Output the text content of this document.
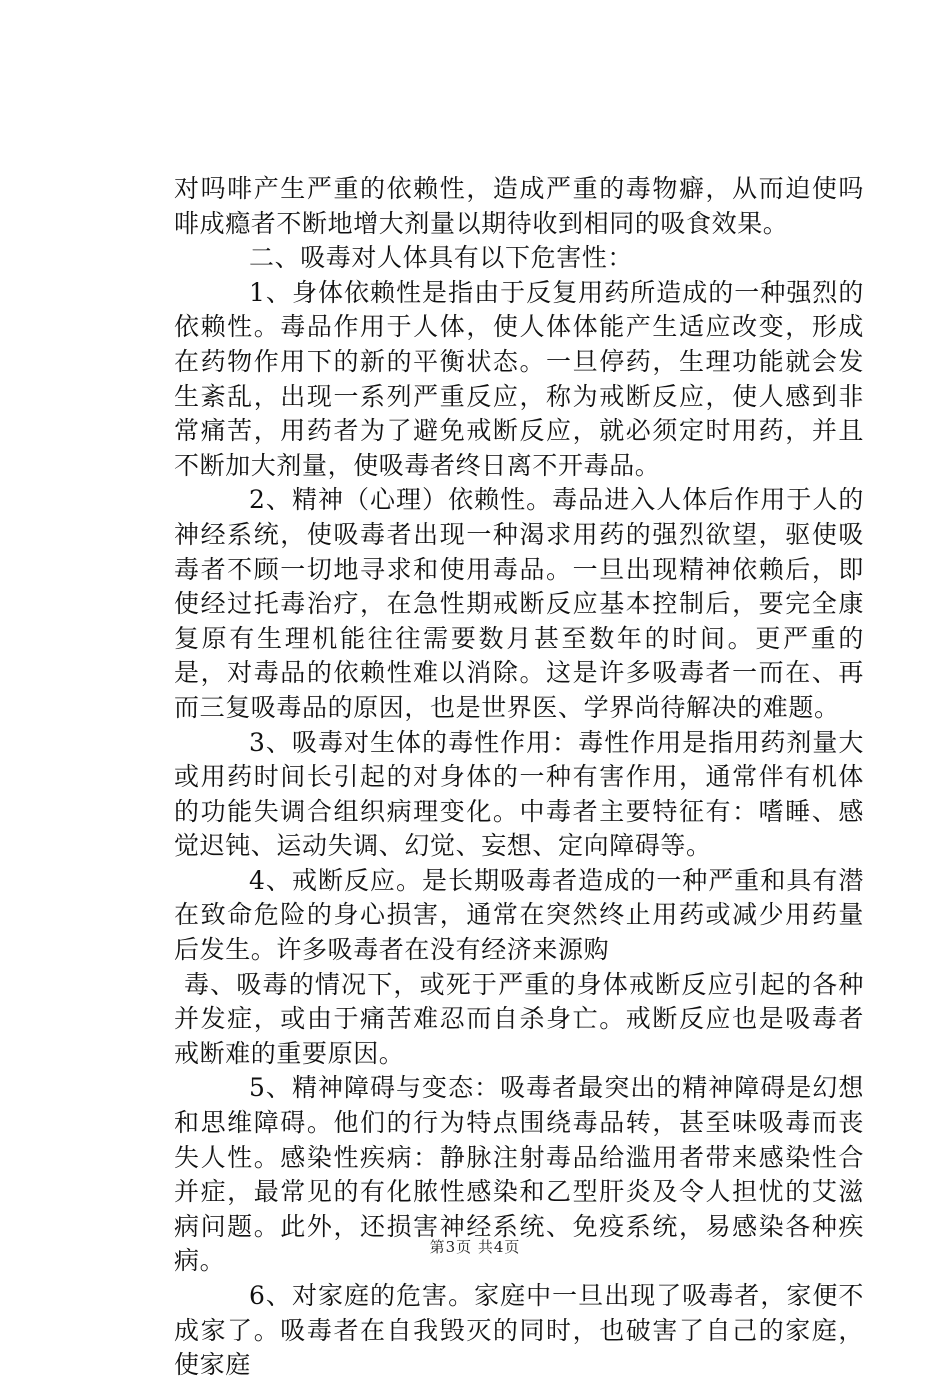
对吗啡产生严重的依赖性，造成严重的毒物癖，从而迫使吗啡成瘾者不断地增大剂量以期待收到相同的吸食效果。

二、吸毒对人体具有以下危害性：

1、身体依赖性是指由于反复用药所造成的一种强烈的依赖性。毒品作用于人体，使人体体能产生适应改变，形成在药物作用下的新的平衡状态。一旦停药，生理功能就会发生紊乱，出现一系列严重反应，称为戒断反应，使人感到非常痛苦，用药者为了避免戒断反应，就必须定时用药，并且不断加大剂量，使吸毒者终日离不开毒品。

2、精神（心理）依赖性。毒品进入人体后作用于人的神经系统，使吸毒者出现一种渴求用药的强烈欲望，驱使吸毒者不顾一切地寻求和使用毒品。一旦出现精神依赖后，即使经过托毒治疗，在急性期戒断反应基本控制后，要完全康复原有生理机能往往需要数月甚至数年的时间。更严重的是，对毒品的依赖性难以消除。这是许多吸毒者一而在、再而三复吸毒品的原因，也是世界医、学界尚待解决的难题。

3、吸毒对生体的毒性作用：毒性作用是指用药剂量大或用药时间长引起的对身体的一种有害作用，通常伴有机体的功能失调合组织病理变化。中毒者主要特征有：嗜睡、感觉迟钝、运动失调、幻觉、妄想、定向障碍等。

4、戒断反应。是长期吸毒者造成的一种严重和具有潜在致命危险的身心损害，通常在突然终止用药或减少用药量后发生。许多吸毒者在没有经济来源购

毒、吸毒的情况下，或死于严重的身体戒断反应引起的各种并发症，或由于痛苦难忍而自杀身亡。戒断反应也是吸毒者戒断难的重要原因。

5、精神障碍与变态：吸毒者最突出的精神障碍是幻想和思维障碍。他们的行为特点围绕毒品转，甚至味吸毒而丧失人性。感染性疾病：静脉注射毒品给滥用者带来感染性合并症，最常见的有化脓性感染和乙型肝炎及令人担忧的艾滋病问题。此外，还损害神经系统、免疫系统，易感染各种疾病。

6、对家庭的危害。家庭中一旦出现了吸毒者，家便不成家了。吸毒者在自我毁灭的同时，也破害了自己的家庭，使家庭

第3页 共4页
